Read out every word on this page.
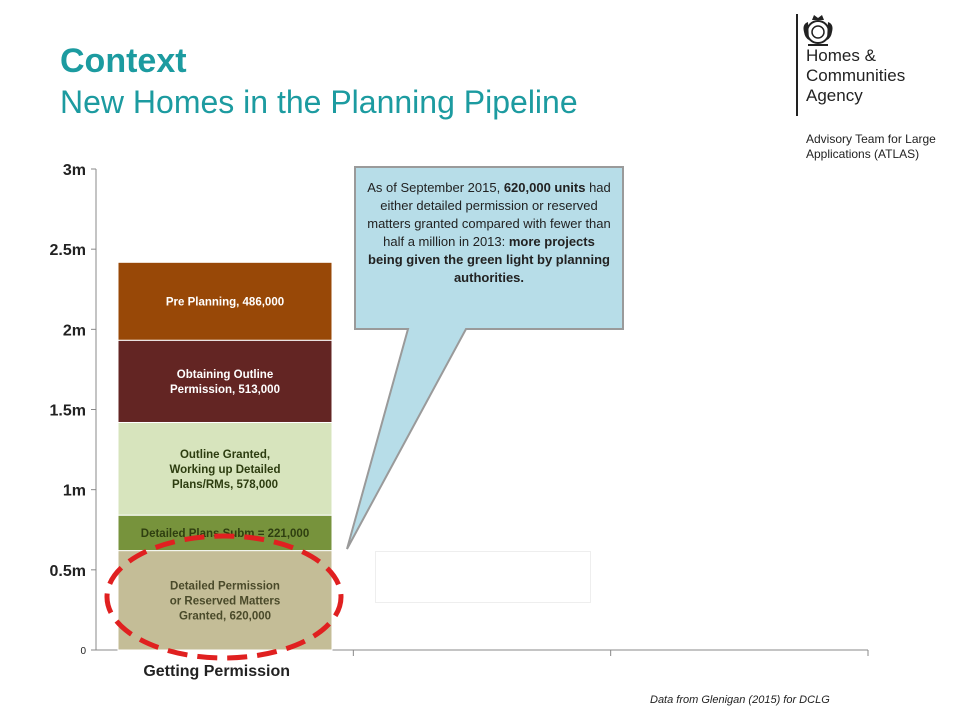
Context
New Homes in the Planning Pipeline
Homes &
Communities
Agency
Advisory Team for Large
Applications (ATLAS)
0
0.5m
1m
1.5m
2m
2.5m
3m
Getting Permission
Detailed Permission
or Reserved Matters
Granted, 620,000
Detailed Plans Subm = 221,000
Outline Granted,
Working up Detailed
Plans/RMs, 578,000
Obtaining Outline
Permission, 513,000
Pre Planning, 486,000
As of September 2015, 620,000 units had either detailed permission or reserved matters granted compared with fewer than half a million in 2013: more projects being given the green light by planning authorities.
Data from Glenigan (2015) for DCLG
